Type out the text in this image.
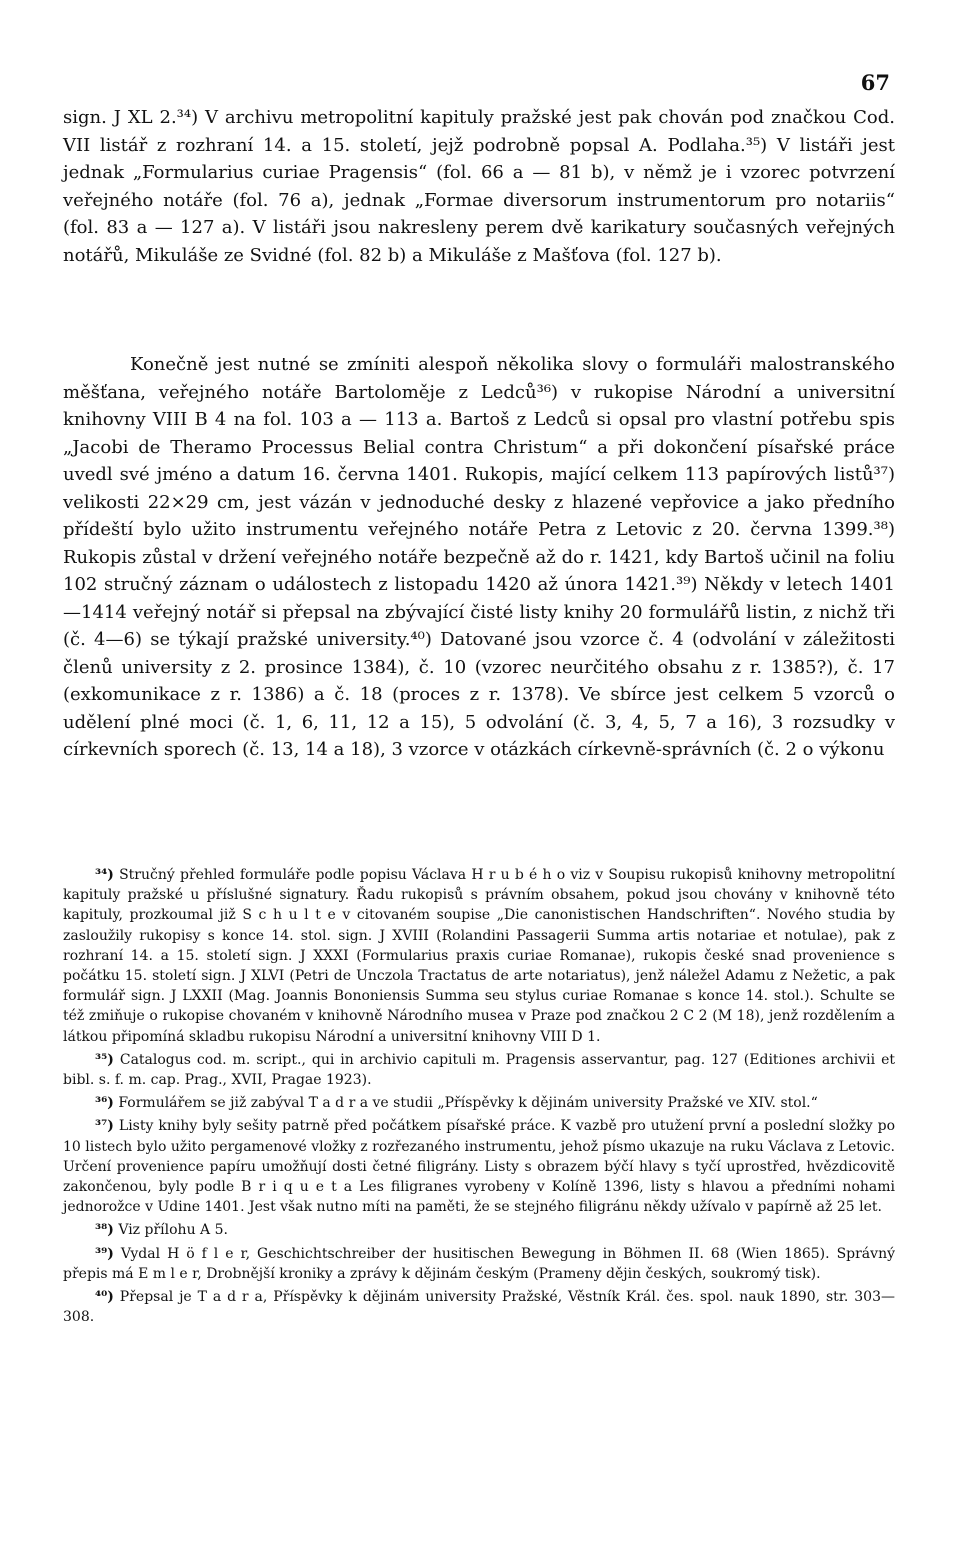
67

sign. J XL 2.³⁴) V archivu metropolitní kapituly pražské jest pak chován pod značkou Cod. VII listář z rozhraní 14. a 15. století, jejž podrobně popsal A. Podlaha.³⁵) V listáři jest jednak „Formularius curiae Pragensis“ (fol. 66 a — 81 b), v němž je i vzorec potvrzení veřejného notáře (fol. 76 a), jednak „Formae diversorum instrumentorum pro notariis“ (fol. 83 a — 127 a). V listáři jsou nakresleny perem dvě karikatury současných veřejných notářů, Mikuláše ze Svidné (fol. 82 b) a Mikuláše z Mašťova (fol. 127 b).

Konečně jest nutné se zmíniti alespoň několika slovy o formuláři malostranského měšťana, veřejného notáře Bartoloměje z Ledců³⁶) v rukopise Národní a universitní knihovny VIII B 4 na fol. 103 a — 113 a. Bartoš z Ledců si opsal pro vlastní potřebu spis „Jacobi de Theramo Processus Belial contra Christum“ a při dokončení písařské práce uvedl své jméno a datum 16. června 1401. Rukopis, mající celkem 113 papírových listů³⁷) velikosti 22×29 cm, jest vázán v jednoduché desky z hlazené vepřovice a jako předního přídeští bylo užito instrumentu veřejného notáře Petra z Letovic z 20. června 1399.³⁸) Rukopis zůstal v držení veřejného notáře bezpečně až do r. 1421, kdy Bartoš učinil na foliu 102 stručný záznam o událostech z listopadu 1420 až února 1421.³⁹) Někdy v letech 1401—1414 veřejný notář si přepsal na zbývající čisté listy knihy 20 formulářů listin, z nichž tři (č. 4—6) se týkají pražské university.⁴⁰) Datované jsou vzorce č. 4 (odvolání v záležitosti členů university z 2. prosince 1384), č. 10 (vzorec neurčitého obsahu z r. 1385?), č. 17 (exkomunikace z r. 1386) a č. 18 (proces z r. 1378). Ve sbírce jest celkem 5 vzorců o udělení plné moci (č. 1, 6, 11, 12 a 15), 5 odvolání (č. 3, 4, 5, 7 a 16), 3 rozsudky v církevních sporech (č. 13, 14 a 18), 3 vzorce v otázkách církevně-správních (č. 2 o výkonu

³⁴) Stručný přehled formuláře podle popisu Václava H r u b é h o viz v Soupisu rukopisů knihovny metropolitní kapituly pražské u příslušné signatury. Řadu rukopisů s právním obsahem, pokud jsou chovány v knihovně této kapituly, prozkoumal již S c h u l t e v citovaném soupise „Die canonistischen Handschriften“. Nového studia by zasloužily rukopisy s konce 14. stol. sign. J XVIII (Rolandini Passagerii Summa artis notariae et notulae), pak z rozhraní 14. a 15. století sign. J XXXI (Formularius praxis curiae Romanae), rukopis české snad provenience s počátku 15. století sign. J XLVI (Petri de Unczola Tractatus de arte notariatus), jenž náležel Adamu z Nežetic, a pak formulář sign. J LXXII (Mag. Joannis Bononiensis Summa seu stylus curiae Romanae s konce 14. stol.). Schulte se též zmiňuje o rukopise chovaném v knihovně Národního musea v Praze pod značkou 2 C 2 (M 18), jenž rozdělením a látkou připomíná skladbu rukopisu Národní a universitní knihovny VIII D 1.

³⁵) Catalogus cod. m. script., qui in archivio capituli m. Pragensis asservantur, pag. 127 (Editiones archivii et bibl. s. f. m. cap. Prag., XVII, Pragae 1923).

³⁶) Formulářem se již zabýval T a d r a ve studii „Příspěvky k dějinám university Pražské ve XIV. stol.“

³⁷) Listy knihy byly sešity patrně před počátkem písařské práce. K vazbě pro utužení první a poslední složky po 10 listech bylo užito pergamenové vložky z rozřezaného instrumentu, jehož písmo ukazuje na ruku Václava z Letovic. Určení provenience papíru umožňují dosti četné filigrány. Listy s obrazem býčí hlavy s tyčí uprostřed, hvězdicovitě zakončenou, byly podle B r i q u e t a Les filigranes vyrobeny v Kolíně 1396, listy s hlavou a předními nohami jednorožce v Udine 1401. Jest však nutno míti na paměti, že se stejného filigránu někdy užívalo v papírně až 25 let.

³⁸) Viz přílohu A 5.

³⁹) Vydal H ö f l e r, Geschichtschreiber der husitischen Bewegung in Böhmen II. 68 (Wien 1865). Správný přepis má E m l e r, Drobnější kroniky a zprávy k dějinám českým (Prameny dějin českých, soukromý tisk).

⁴⁰) Přepsal je T a d r a, Příspěvky k dějinám university Pražské, Věstník Král. čes. spol. nauk 1890, str. 303—308.
